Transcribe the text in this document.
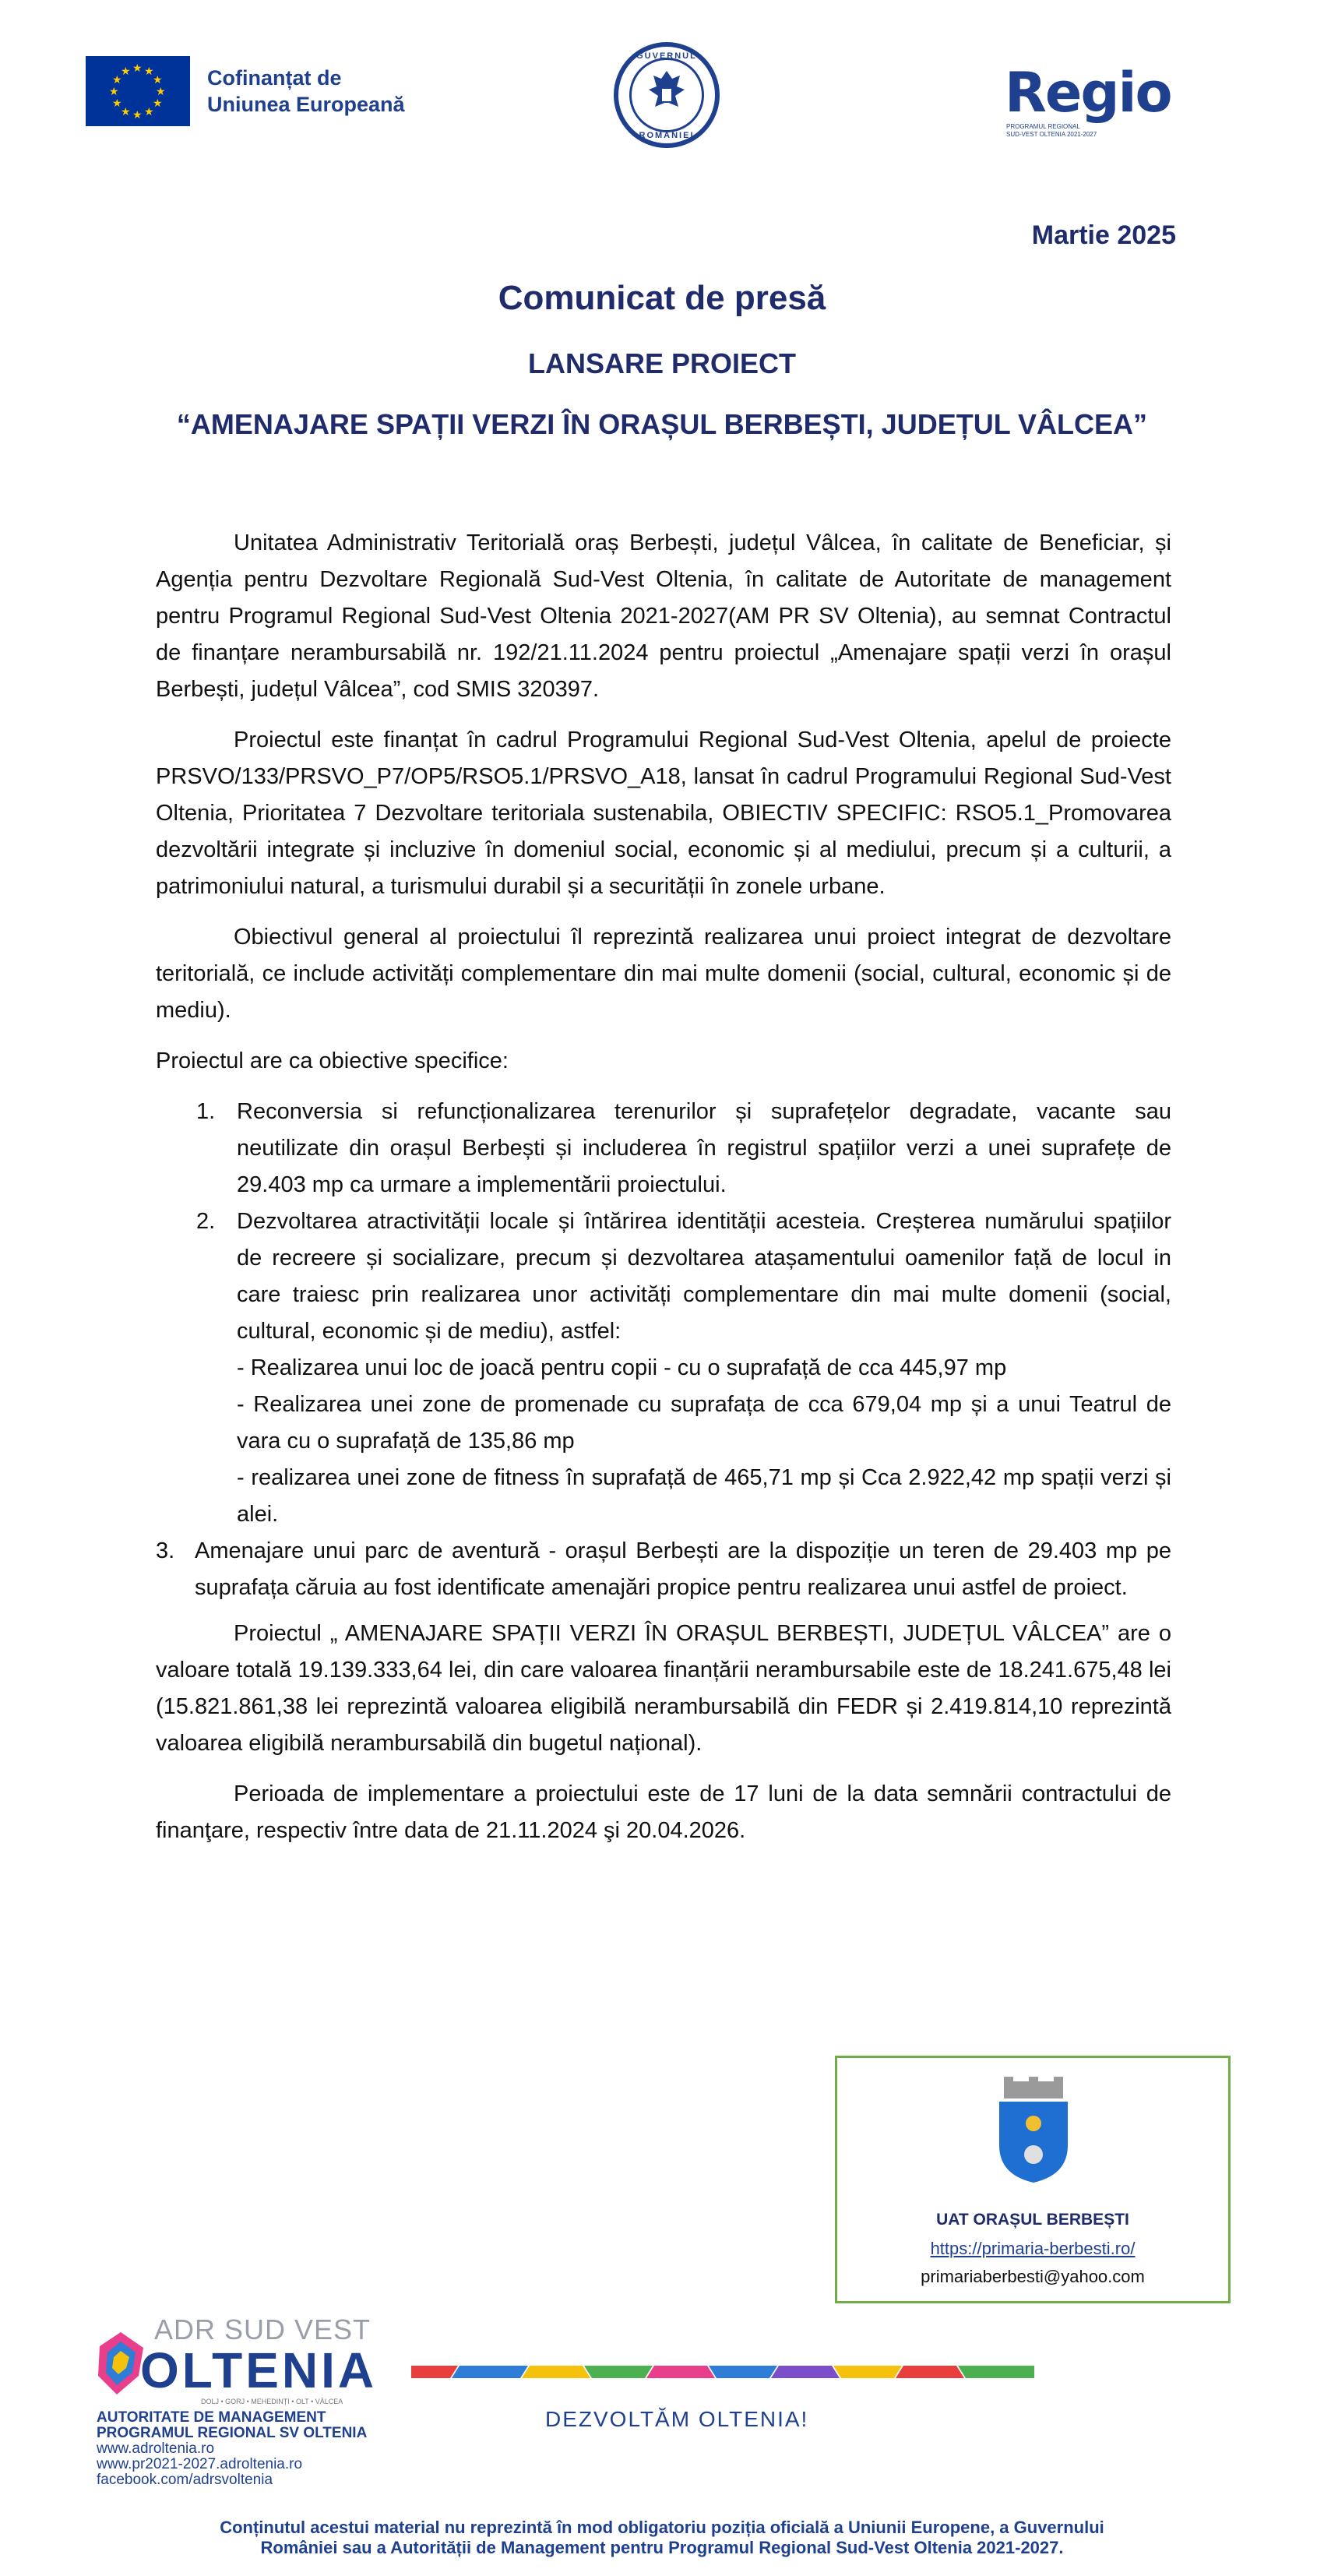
★ ★
★
★
★
★
★
★
★
★
★
★	Cofinanțat de
Uniunea Europeană
GUVERNUL
ROMÂNIEI
Regio
PROGRAMUL REGIONAL
SUD-VEST OLTENIA 2021-2027
Martie 2025
Comunicat de presă
LANSARE PROIECT
“AMENAJARE SPAȚII VERZI ÎN ORAȘUL BERBEȘTI, JUDEȚUL VÂLCEA”

Unitatea Administrativ Teritorială oraș Berbești, județul Vâlcea, în calitate de Beneficiar, și Agenția pentru Dezvoltare Regională Sud-Vest Oltenia, în calitate de Autoritate de management pentru Programul Regional Sud-Vest Oltenia 2021-2027(AM PR SV Oltenia), au semnat Contractul de finanțare nerambursabilă nr. 192/21.11.2024 pentru proiectul „Amenajare spații verzi în orașul Berbești, județul Vâlcea”, cod SMIS 320397.

Proiectul este finanțat în cadrul Programului Regional Sud-Vest Oltenia, apelul de proiecte PRSVO/133/PRSVO_P7/OP5/RSO5.1/PRSVO_A18, lansat în cadrul Programului Regional Sud-Vest Oltenia, Prioritatea 7 Dezvoltare teritoriala sustenabila, OBIECTIV SPECIFIC: RSO5.1_Promovarea dezvoltării integrate și incluzive în domeniul social, economic și al mediului, precum și a culturii, a patrimoniului natural, a turismului durabil și a securității în zonele urbane.

Obiectivul general al proiectului îl reprezintă realizarea unui proiect integrat de dezvoltare teritorială, ce include activități complementare din mai multe domenii (social, cultural, economic și de mediu).

Proiectul are ca obiective specifice:

1. Reconversia si refuncționalizarea terenurilor și suprafețelor degradate, vacante sau neutilizate din orașul Berbești și includerea în registrul spațiilor verzi a unei suprafețe de 29.403 mp ca urmare a implementării proiectului.
2. Dezvoltarea atractivității locale și întărirea identității acesteia. Creșterea numărului spațiilor de recreere și socializare, precum și dezvoltarea atașamentului oamenilor față de locul in care traiesc prin realizarea unor activități complementare din mai multe domenii (social, cultural, economic și de mediu), astfel:
- Realizarea unui loc de joacă pentru copii - cu o suprafață de cca 445,97 mp
- Realizarea unei zone de promenade cu suprafața de cca 679,04 mp și a unui Teatrul de vara cu o suprafață de 135,86 mp
- realizarea unei zone de fitness în suprafață de 465,71 mp și Cca 2.922,42 mp spații verzi și alei.
3. Amenajare unui parc de aventură - orașul Berbești are la dispoziție un teren de 29.403 mp pe suprafața căruia au fost identificate amenajări propice pentru realizarea unui astfel de proiect.

Proiectul „ AMENAJARE SPAȚII VERZI ÎN ORAȘUL BERBEȘTI, JUDEȚUL VÂLCEA” are o valoare totală 19.139.333,64 lei, din care valoarea finanțării nerambursabile este de 18.241.675,48 lei (15.821.861,38 lei reprezintă valoarea eligibilă nerambursabilă din FEDR și 2.419.814,10 reprezintă valoarea eligibilă nerambursabilă din bugetul național).

Perioada de implementare a proiectului este de 17 luni de la data semnării contractului de finanţare, respectiv între data de 21.11.2024 şi 20.04.2026.

UAT ORAȘUL BERBEȘTI
https://primaria-berbesti.ro/
primariaberbesti@yahoo.com
ADR SUD VEST
OLTENIA
DOLJ • GORJ • MEHEDINȚI • OLT • VÂLCEA
AUTORITATE DE MANAGEMENT
PROGRAMUL REGIONAL SV OLTENIA
www.adroltenia.ro
www.pr2021-2027.adroltenia.ro
facebook.com/adrsvoltenia
DEZVOLTĂM OLTENIA!
Conținutul acestui material nu reprezintă în mod obligatoriu poziția oficială a Uniunii Europene, a Guvernului
României sau a Autorității de Management pentru Programul Regional Sud-Vest Oltenia 2021-2027.
